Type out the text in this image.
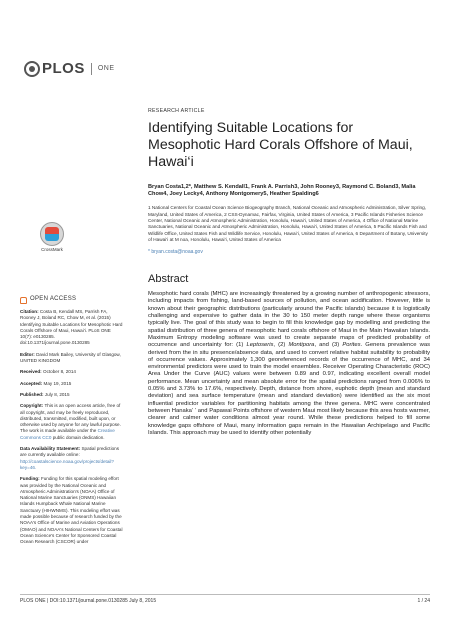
PLOS ONE
CrossMark
OPEN ACCESS

Citation: Costa B, Kendall MS, Parrish FA, Rooney J, Boland RC, Chow M, et al. (2015) Identifying Suitable Locations for Mesophotic Hard Corals Offshore of Maui, Hawai‘i. PLoS ONE 10(7): e0130285. doi:10.1371/journal.pone.0130285

Editor: David Mark Bailey, University of Glasgow, UNITED KINGDOM

Received: October 8, 2014

Accepted: May 19, 2015

Published: July 8, 2015

Copyright: This is an open access article, free of all copyright, and may be freely reproduced, distributed, transmitted, modified, built upon, or otherwise used by anyone for any lawful purpose. The work is made available under the Creative Commons CC0 public domain dedication.

Data Availability Statement: Spatial predictions are currently available online: http://coastalscience.noaa.gov/projects/detail?key=46.

Funding: Funding for this spatial modeling effort was provided by the National Oceanic and Atmospheric Administration's (NOAA) Office of National Marine Sanctuaries (ONMS) Hawaiian Islands Humpback Whale National Marine Sanctuary (HIHWNMS). This modeling effort was made possible because of research funded by the NOAA's Office of Marine and Aviation Operations (OMAO) and NOAA's National Centers for Coastal Ocean Science's Center for Sponsored Coastal Ocean Research (CSCOR) under

RESEARCH ARTICLE
Identifying Suitable Locations for Mesophotic Hard Corals Offshore of Maui, Hawai‘i
Bryan Costa1,2*, Matthew S. Kendall1, Frank A. Parrish3, John Rooney3, Raymond C. Boland3, Malia Chow4, Joey Lecky4, Anthony Montgomery5, Heather Spalding6
1 National Centers for Coastal Ocean Science Biogeography Branch, National Oceanic and Atmospheric Administration, Silver Spring, Maryland, United States of America, 2 CSS-Dynamac, Fairfax, Virginia, United States of America, 3 Pacific Islands Fisheries Science Center, National Oceanic and Atmospheric Administration, Honolulu, Hawai‘i, United States of America, 4 Office of National Marine Sanctuaries, National Oceanic and Atmospheric Administration, Honolulu, Hawai‘i, United States of America, 5 Pacific Islands Fish and Wildlife Office, United States Fish and Wildlife Service, Honolulu, Hawai‘i, United States of America, 6 Department of Botany, University of Hawai‘i at M noa, Honolulu, Hawai‘i, United States of America
* bryan.costa@noaa.gov
Abstract
Mesophotic hard corals (MHC) are increasingly threatened by a growing number of anthropogenic stressors, including impacts from fishing, land-based sources of pollution, and ocean acidification. However, little is known about their geographic distributions (particularly around the Pacific islands) because it is logistically challenging and expensive to gather data in the 30 to 150 meter depth range where these organisms typically live. The goal of this study was to begin to fill this knowledge gap by modelling and predicting the spatial distribution of three genera of mesophotic hard corals offshore of Maui in the Main Hawaiian Islands. Maximum Entropy modeling software was used to create separate maps of predicted probability of occurrence and uncertainty for: (1) Leptoseris, (2) Montipora, and (3) Porites. Genera prevalence was derived from the in situ presence/absence data, and used to convert relative habitat suitability to probability of occurrence values. Approximately 1,300 georeferenced records of the occurrence of MHC, and 34 environmental predictors were used to train the model ensembles. Receiver Operating Characteristic (ROC) Area Under the Curve (AUC) values were between 0.89 and 0.97, indicating excellent overall model performance. Mean uncertainty and mean absolute error for the spatial predictions ranged from 0.006% to 0.05% and 3.73% to 17.6%, respectively. Depth, distance from shore, euphotic depth (mean and standard deviation) and sea surface temperature (mean and standard deviation) were identified as the six most influential predictor variables for partitioning habitats among the three genera. MHC were concentrated between Hanaka‘ ‘ and Papawai Points offshore of western Maui most likely because this area hosts warmer, clearer and calmer water conditions almost year round. While these predictions helped to fill some knowledge gaps offshore of Maui, many information gaps remain in the Hawaiian Archipelago and Pacific Islands. This approach may be used to identify other potentially
PLOS ONE | DOI:10.1371/journal.pone.0130285 July 8, 2015	1 / 24
